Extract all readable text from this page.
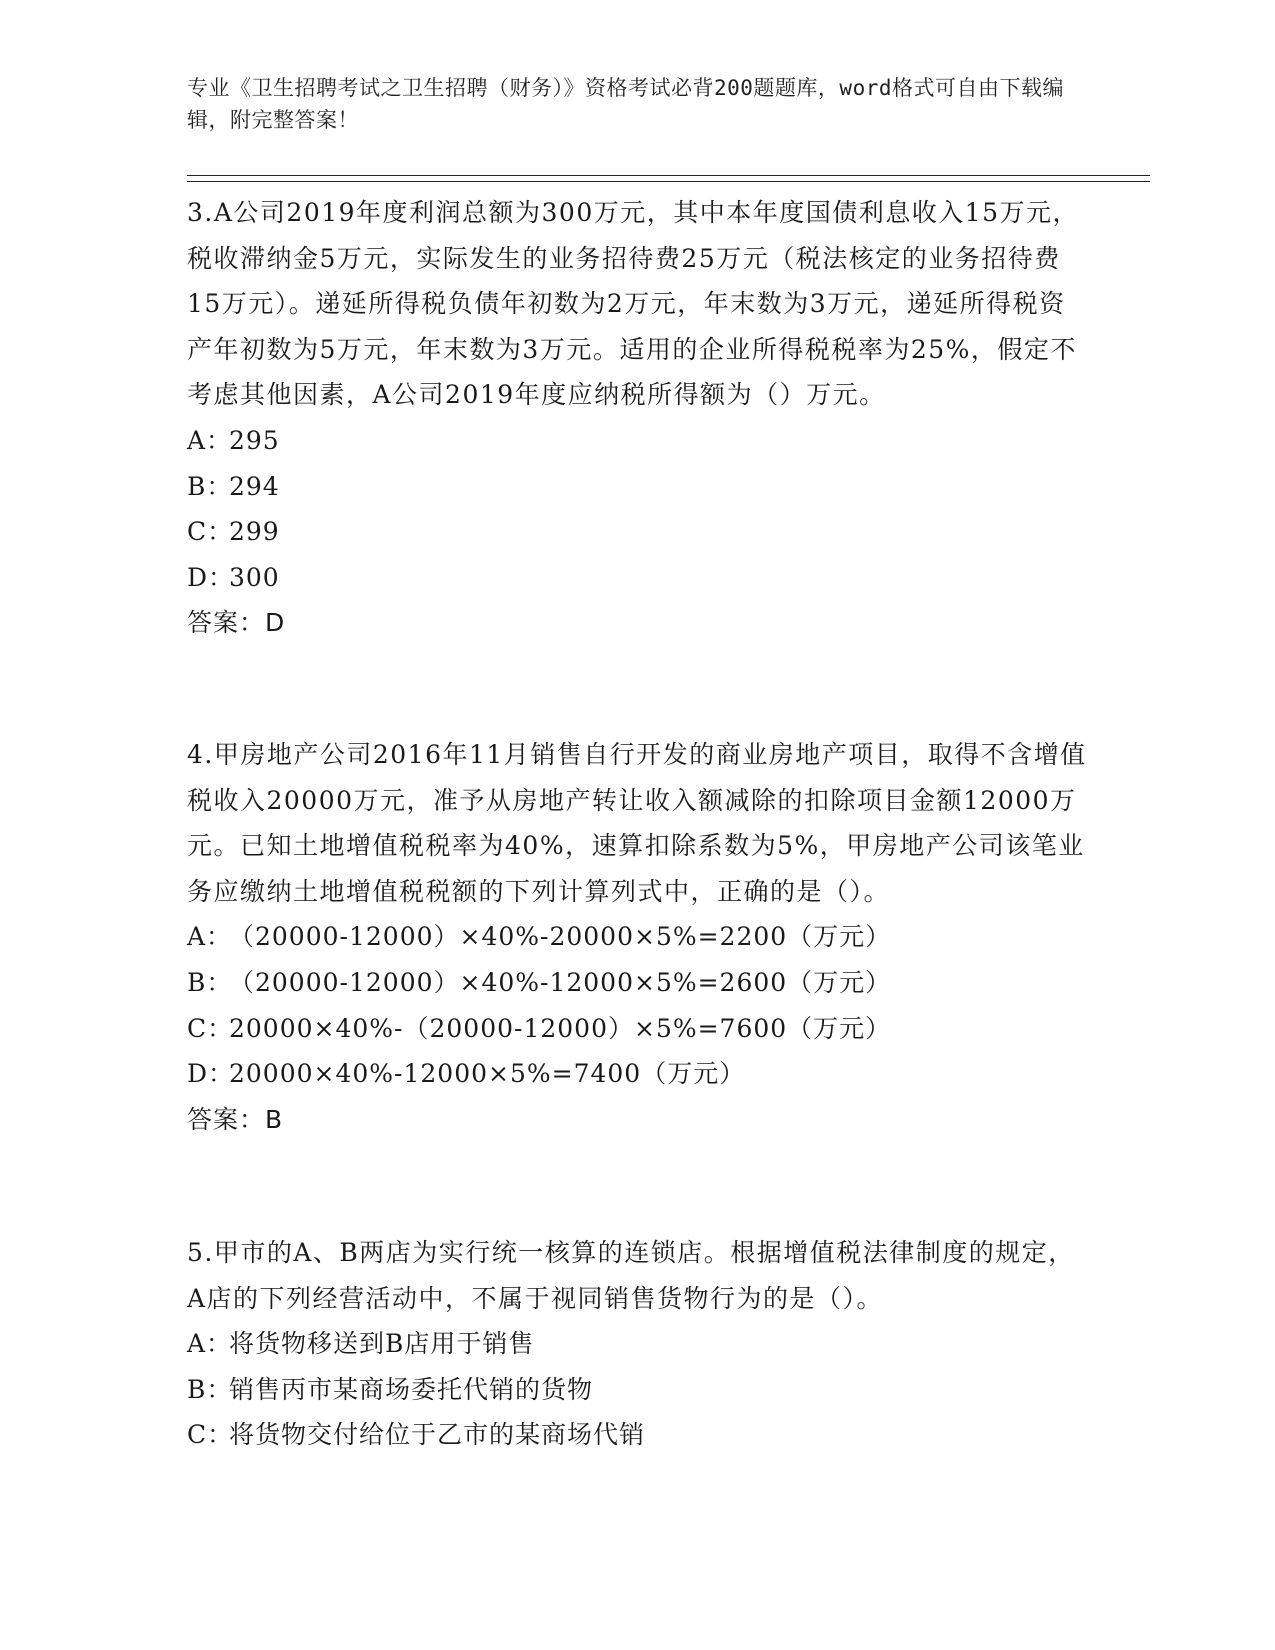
专业《卫生招聘考试之卫生招聘（财务）》资格考试必背200题题库，word格式可自由下载编辑，附完整答案！

3.A公司2019年度利润总额为300万元，其中本年度国债利息收入15万元，税收滞纳金5万元，实际发生的业务招待费25万元（税法核定的业务招待费15万元）。递延所得税负债年初数为2万元，年末数为3万元，递延所得税资产年初数为5万元，年末数为3万元。适用的企业所得税税率为25%，假定不考虑其他因素，A公司2019年度应纳税所得额为（）万元。

A：295

B：294

C：299

D：300

答案：D

4.甲房地产公司2016年11月销售自行开发的商业房地产项目，取得不含增值税收入20000万元，准予从房地产转让收入额减除的扣除项目金额12000万元。已知土地增值税税率为40%，速算扣除系数为5%，甲房地产公司该笔业务应缴纳土地增值税税额的下列计算列式中，正确的是（）。

A：（20000-12000）×40%-20000×5%=2200（万元）

B：（20000-12000）×40%-12000×5%=2600（万元）

C：20000×40%-（20000-12000）×5%=7600（万元）

D：20000×40%-12000×5%=7400（万元）

答案：B

5.甲市的A、B两店为实行统一核算的连锁店。根据增值税法律制度的规定，A店的下列经营活动中，不属于视同销售货物行为的是（）。

A：将货物移送到B店用于销售

B：销售丙市某商场委托代销的货物

C：将货物交付给位于乙市的某商场代销
